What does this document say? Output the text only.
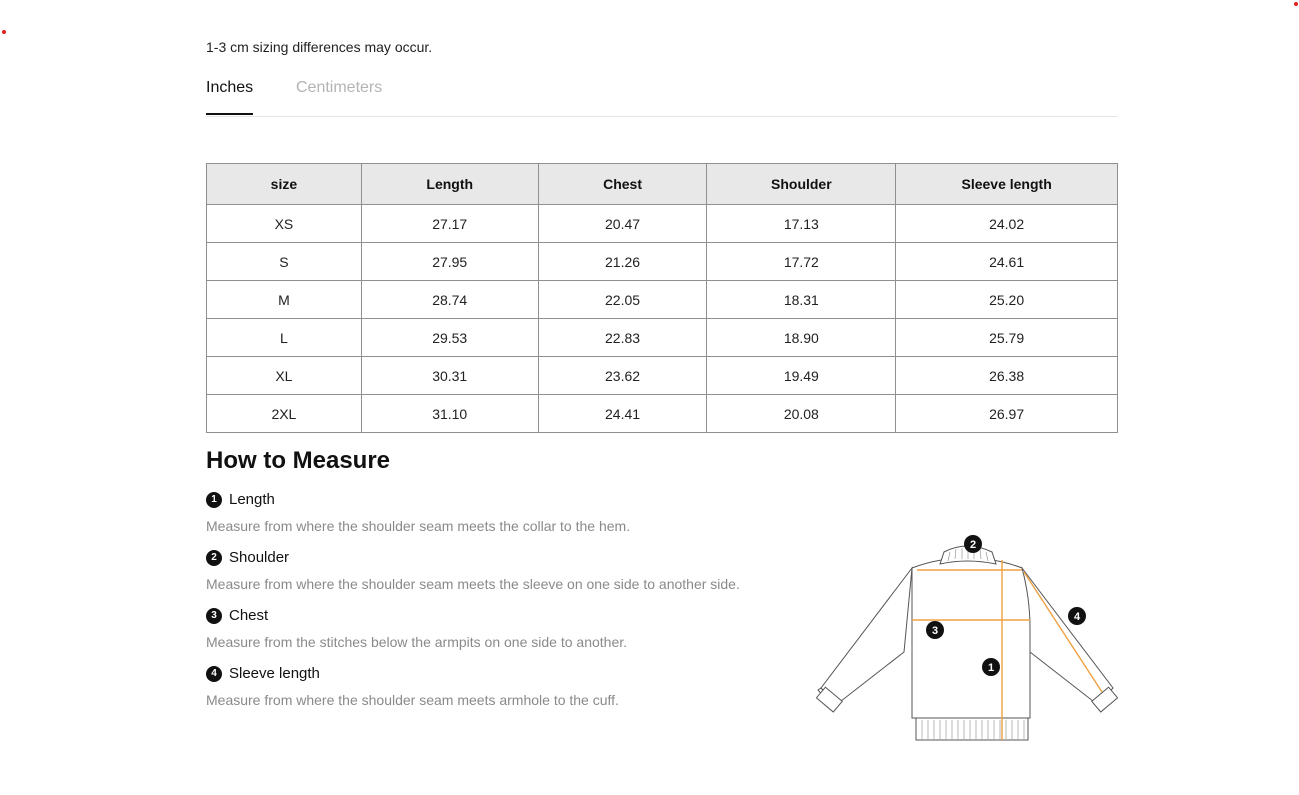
1-3 cm sizing differences may occur.
Inches	Centimeters
size	Length	Chest	Shoulder	Sleeve length
XS	27.17	20.47	17.13	24.02
S	27.95	21.26	17.72	24.61
M	28.74	22.05	18.31	25.20
L	29.53	22.83	18.90	25.79
XL	30.31	23.62	19.49	26.38
2XL	31.10	24.41	20.08	26.97
How to Measure
1 Length
Measure from where the shoulder seam meets the collar to the hem.
2 Shoulder
Measure from where the shoulder seam meets the sleeve on one side to another side.
3 Chest
Measure from the stitches below the armpits on one side to another.
4 Sleeve length
Measure from where the shoulder seam meets armhole to the cuff.
2
3
1
4
